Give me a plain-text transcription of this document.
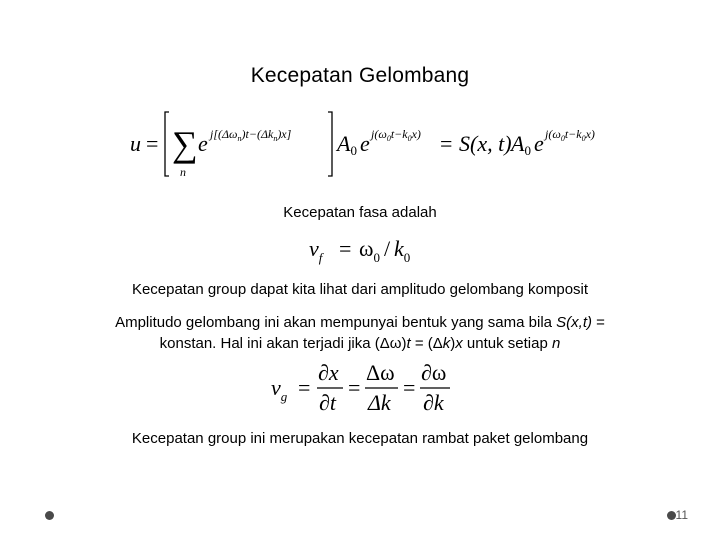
Kecepatan Gelombang
u = ∑
n
e $j[(\Delta\omega_n)t-(\Delta k_n)x]$ A0 e $j(\omega_0t-k_0x) = S(x$, t) A0 e $j(\omega_0t-k_0x)$
Kecepatan fasa adalah
$v_f = \omega_0 / k_0$
Kecepatan group dapat kita lihat dari amplitudo gelombang komposit
Amplitudo gelombang ini akan mempunyai bentuk yang sama bila S(x,t) =
konstan. Hal ini akan terjadi jika (Δω)t = (Δk)x untuk setiap n
$v_g$ =
∂x
∂t
=
Δω
Δk
=
∂ω
∂k
Kecepatan group ini merupakan kecepatan rambat paket gelombang
11
